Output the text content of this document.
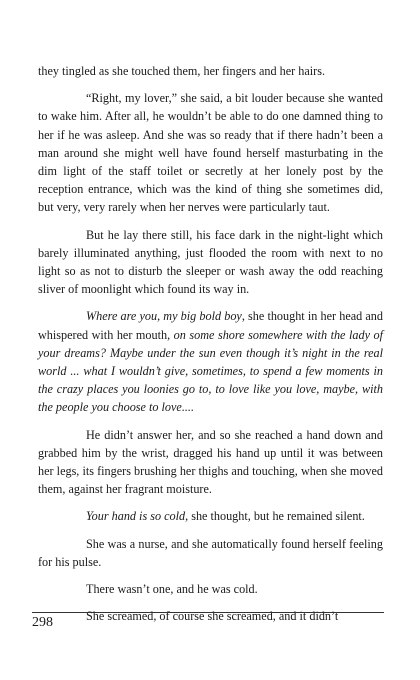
they tingled as she touched them, her fingers and her hairs.

“Right, my lover,” she said, a bit louder because she wanted to wake him. After all, he wouldn’t be able to do one damned thing to her if he was asleep. And she was so ready that if there hadn’t been a man around she might well have found herself masturbating in the dim light of the staff toilet or secretly at her lonely post by the reception entrance, which was the kind of thing she sometimes did, but very, very rarely when her nerves were particularly taut.

But he lay there still, his face dark in the night-light which barely illuminated anything, just flooded the room with next to no light so as not to disturb the sleeper or wash away the odd reaching sliver of moonlight which found its way in.

Where are you, my big bold boy, she thought in her head and whispered with her mouth, on some shore somewhere with the lady of your dreams? Maybe under the sun even though it’s night in the real world ... what I wouldn’t give, sometimes, to spend a few moments in the crazy places you loonies go to, to love like you love, maybe, with the people you choose to love....

He didn’t answer her, and so she reached a hand down and grabbed him by the wrist, dragged his hand up until it was between her legs, its fingers brushing her thighs and touching, when she moved them, against her fragrant moisture.

Your hand is so cold, she thought, but he remained silent.

She was a nurse, and she automatically found herself feeling for his pulse.

There wasn’t one, and he was cold.

She screamed, of course she screamed, and it didn’t

298
